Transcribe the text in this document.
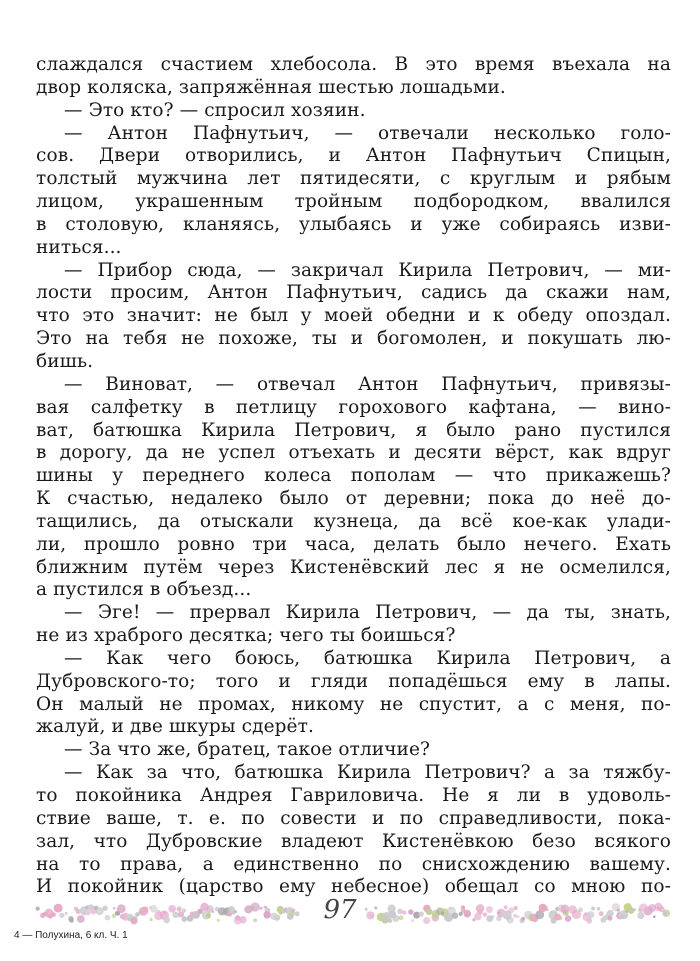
слаждался счастием хлебосола. В это время въехала на
двор коляска, запряжённая шестью лошадьми.
— Это кто? — спросил хозяин.
— Антон Пафнутьич, — отвечали несколько голо-
сов. Двери отворились, и Антон Пафнутьич Спицын,
толстый мужчина лет пятидесяти, с круглым и рябым
лицом, украшенным тройным подбородком, ввалился
в столовую, кланяясь, улыбаясь и уже собираясь изви-
ниться...
— Прибор сюда, — закричал Кирила Петрович, — ми-
лости просим, Антон Пафнутьич, садись да скажи нам,
что это значит: не был у моей обедни и к обеду опоздал.
Это на тебя не похоже, ты и богомолен, и покушать лю-
бишь.
— Виноват, — отвечал Антон Пафнутьич, привязы-
вая салфетку в петлицу горохового кафтана, — вино-
ват, батюшка Кирила Петрович, я было рано пустился
в дорогу, да не успел отъехать и десяти вёрст, как вдруг
шины у переднего колеса пополам — что прикажешь?
К счастью, недалеко было от деревни; пока до неё до-
тащились, да отыскали кузнеца, да всё кое-как улади-
ли, прошло ровно три часа, делать было нечего. Ехать
ближним путём через Кистенёвский лес я не осмелился,
а пустился в объезд...
— Эге! — прервал Кирила Петрович, — да ты, знать,
не из храброго десятка; чего ты боишься?
— Как чего боюсь, батюшка Кирила Петрович, а
Дубровского-то; того и гляди попадёшься ему в лапы.
Он малый не промах, никому не спустит, а с меня, по-
жалуй, и две шкуры сдерёт.
— За что же, братец, такое отличие?
— Как за что, батюшка Кирила Петрович? а за тяжбу-
то покойника Андрея Гавриловича. Не я ли в удоволь-
ствие ваше, т. е. по совести и по справедливости, пока-
зал, что Дубровские владеют Кистенёвкою безо всякого
на то права, а единственно по снисхождению вашему.
И покойник (царство ему небесное) обещал со мною по-
97
4 — Полухина, 6 кл. Ч. 1
